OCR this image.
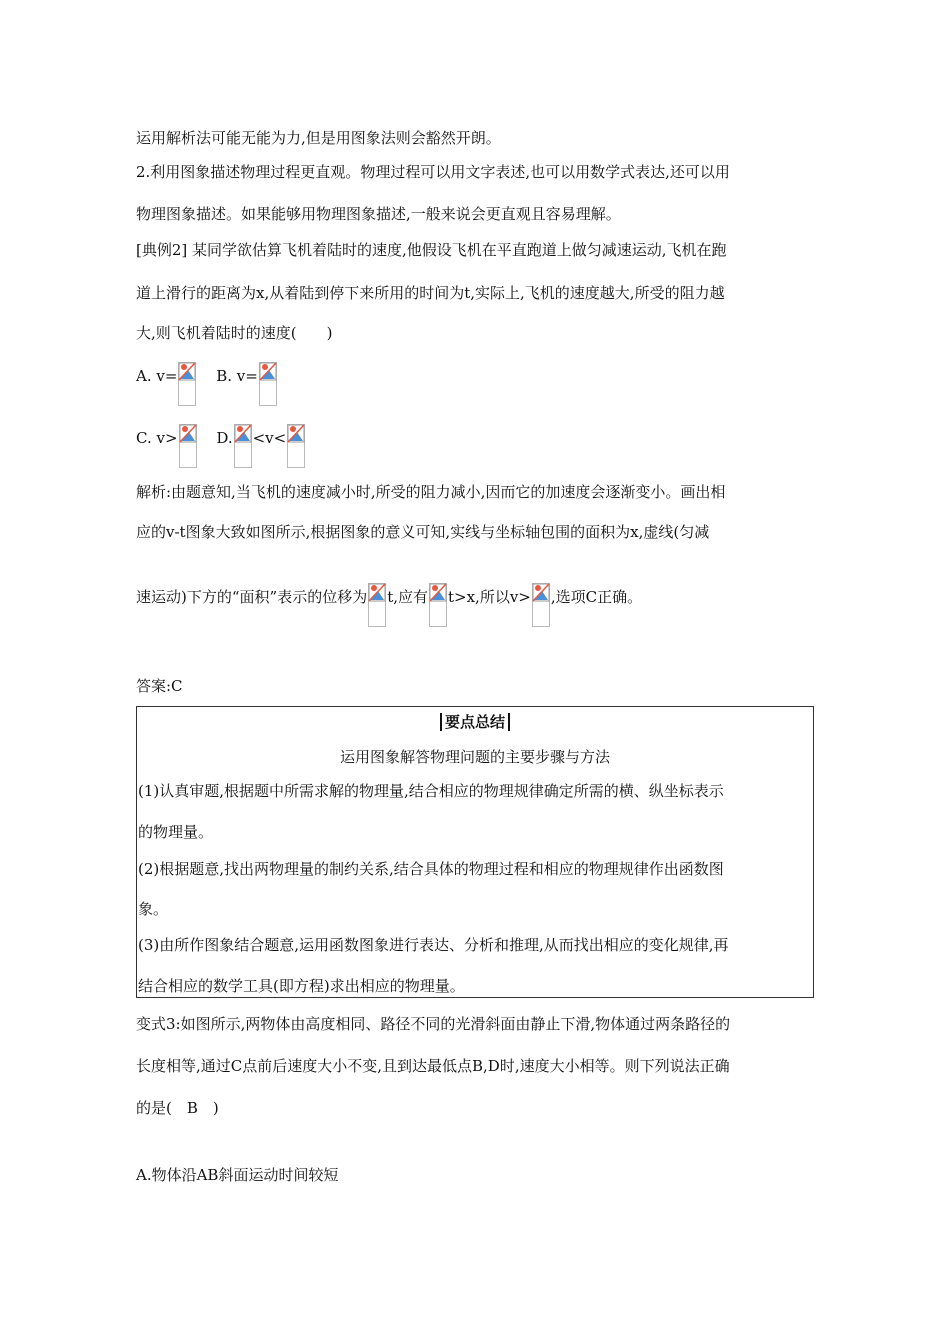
运用解析法可能无能为力,但是用图象法则会豁然开朗。
2.利用图象描述物理过程更直观。物理过程可以用文字表述,也可以用数学式表达,还可以用
物理图象描述。如果能够用物理图象描述,一般来说会更直观且容易理解。
[典例2] 某同学欲估算飞机着陆时的速度,他假设飞机在平直跑道上做匀减速运动,飞机在跑
道上滑行的距离为x,从着陆到停下来所用的时间为t,实际上,飞机的速度越大,所受的阻力越
大,则飞机着陆时的速度(　　)
A. v=	B. v=
C. v>	D. <v<
解析:由题意知,当飞机的速度减小时,所受的阻力减小,因而它的加速度会逐渐变小。画出相
应的v-t图象大致如图所示,根据图象的意义可知,实线与坐标轴包围的面积为x,虚线(匀减
速运动)下方的“面积”表示的位移为 t,应有 t>x,所以v> ,选项C正确。
答案:C
要点总结
运用图象解答物理问题的主要步骤与方法
(1)认真审题,根据题中所需求解的物理量,结合相应的物理规律确定所需的横、纵坐标表示
的物理量。
(2)根据题意,找出两物理量的制约关系,结合具体的物理过程和相应的物理规律作出函数图
象。
(3)由所作图象结合题意,运用函数图象进行表达、分析和推理,从而找出相应的变化规律,再
结合相应的数学工具(即方程)求出相应的物理量。
变式3:如图所示,两物体由高度相同、路径不同的光滑斜面由静止下滑,物体通过两条路径的
长度相等,通过C点前后速度大小不变,且到达最低点B,D时,速度大小相等。则下列说法正确
的是(　B　)
A.物体沿AB斜面运动时间较短
